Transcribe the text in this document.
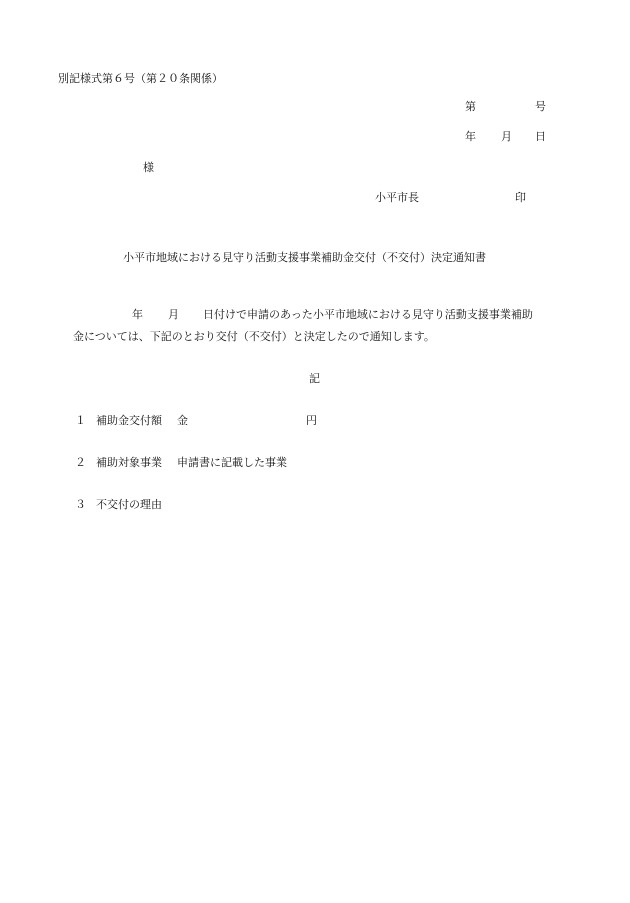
別記様式第６号（第２０条関係）
第	号
年 月 日
様
小平市長	印
小平市地域における見守り活動支援事業補助金交付（不交付）決定通知書
年 月 日付けで申請のあった小平市地域における見守り活動支援事業補助
金については、下記のとおり交付（不交付）と決定したので通知します。
記
１ 補助金交付額 金	円
２ 補助対象事業 申請書に記載した事業
３ 不交付の理由
